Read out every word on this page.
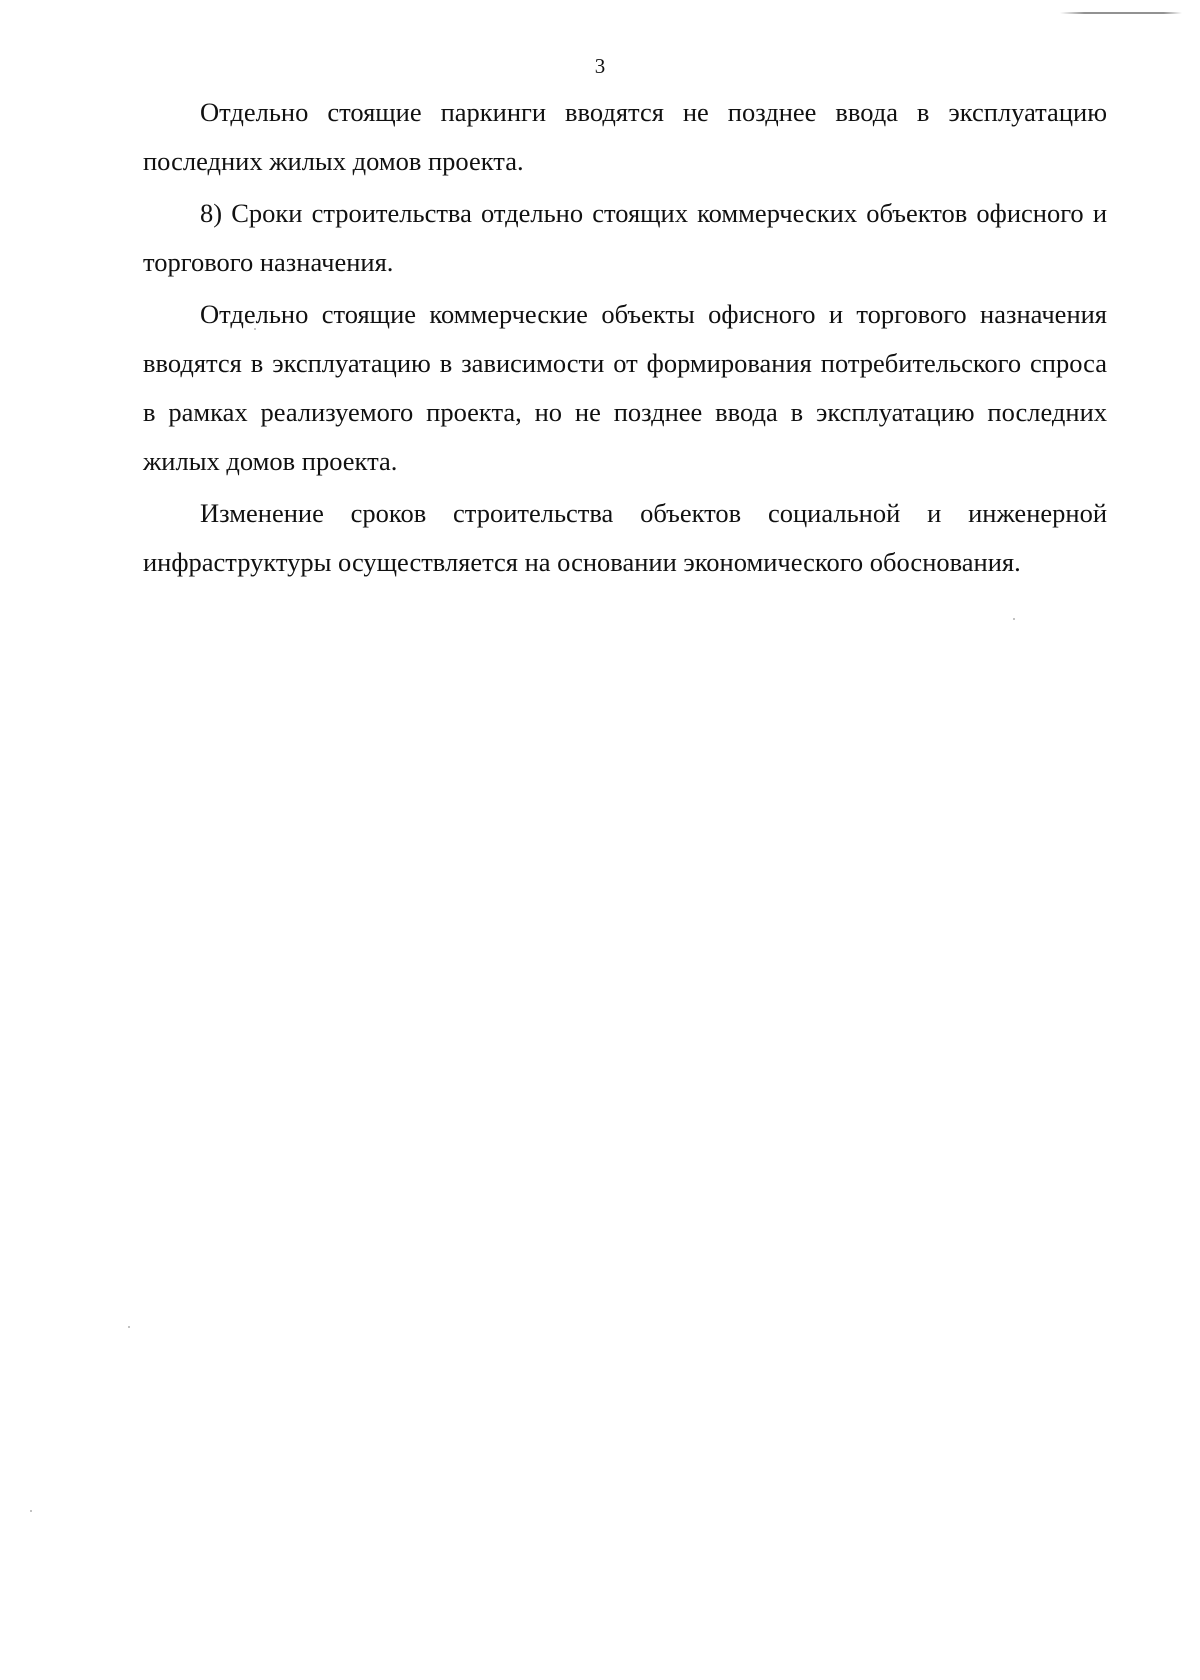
3

Отдельно стоящие паркинги вводятся не позднее ввода в эксплуатацию последних жилых домов проекта.

8) Сроки строительства отдельно стоящих коммерческих объектов офисного и торгового назначения.

Отдельно стоящие коммерческие объекты офисного и торгового назначения вводятся в эксплуатацию в зависимости от формирования потребительского спроса в рамках реализуемого проекта, но не позднее ввода в эксплуатацию последних жилых домов проекта.

Изменение сроков строительства объектов социальной и инженерной инфраструктуры осуществляется на основании экономического обоснования.
